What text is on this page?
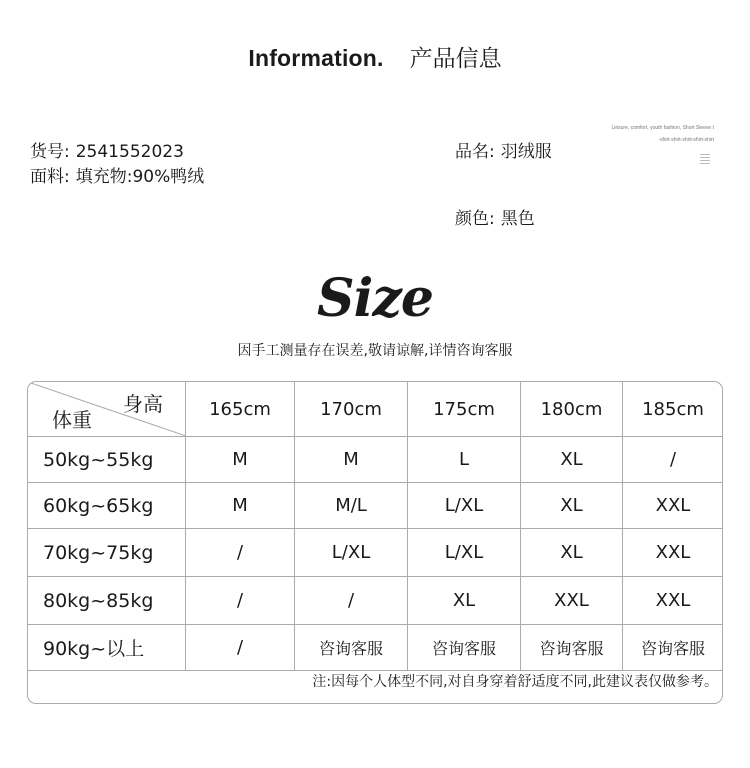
Information. 产品信息
货号: 2541552023
面料: 填充物:90%鸭绒
品名: 羽绒服
颜色: 黑色
Leisure, comfort, youth fashion, Short Sleeve t
-shirt-shirt-shirt-shirt-shirt
Size
因手工测量存在误差,敬请谅解,详情咨询客服
身高
体重	165cm	170cm	175cm	180cm	185cm
50kg~55kg	M	M	L	XL	/
60kg~65kg	M	M/L	L/XL	XL	XXL
70kg~75kg	/	L/XL	L/XL	XL	XXL
80kg~85kg	/	/	XL	XXL	XXL
90kg~以上	/	咨询客服	咨询客服	咨询客服	咨询客服
注:因每个人体型不同,对自身穿着舒适度不同,此建议表仅做参考。
